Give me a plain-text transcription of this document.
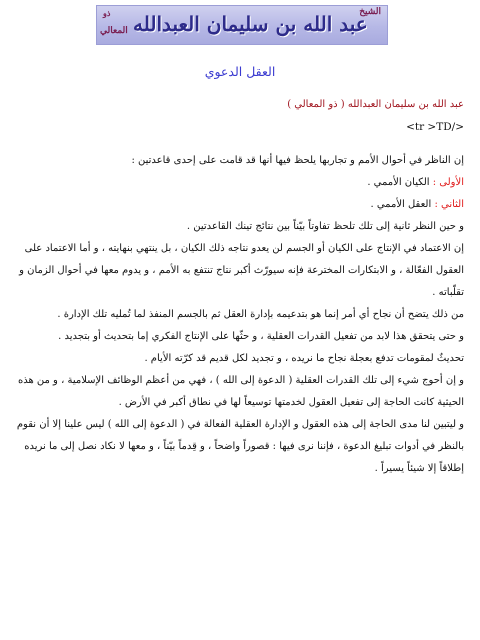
الشيخ
ذو
المعالي عبد الله بن سليمان العبدالله
العقل الدعوي

عبد الله بن سليمان العبدالله ( ذو المعالي )

<tr >TD/>

إن الناظر في أحوال الأمم و تجاربها يلحظ فيها أنها قد قامت على إحدى قاعدتين :

الأولى : الكيان الأممي .

الثاني : العقل الأممي .

و حين النظر ثانية إلى تلك تلحظ تفاوتاً بيّناً بين نتائج تينك القاعدتين .

إن الاعتماد في الإنتاج على الكيان أو الجسم لن يعدو نتاجه ذلك الكيان ، بل ينتهي بنهايته ، و أما الاعتماد على العقول الفعّالة ، و الابتكارات المخترعة فإنه سيورّث أكبر نتاج تنتفع به الأمم ، و يدوم معها في أحوال الزمان و تقلّباته .

من ذلك يتضح أن نجاح أي أمر إنما هو بتدعيمه بإدارة العقل ثم بالجسم المنفذ لما تُمليه تلك الإدارة .

و حتى يتحقق هذا لابد من تفعيل القدرات العقلية ، و حثّها على الإنتاج الفكري إما بتحديث أو بتجديد .

تحديثٌ لمقومات تدفع بعجلة نجاح ما نريده ، و تجديد لكل قديم قد كرّته الأيام .

و إن أحوج شيء إلى تلك القدرات العقلية ( الدعوة إلى الله ) ، فهي من أعظم الوظائف الإسلامية ، و من هذه الحيثية كانت الحاجة إلى تفعيل العقول لخدمتها توسيعاً لها في نطاق أكبر في الأرض .

و ليتبين لنا مدى الحاجة إلى هذه العقول و الإدارة العقلية الفعالة في ( الدعوة إلى الله ) ليس علينا إلا أن نقوم بالنظر في أدوات تبليغ الدعوة ، فإننا نرى فيها : قصوراً واضحاً ، و قِدماً بيّناً ، و معها لا نكاد نصل إلى ما نريده إطلاقاً إلا شيئاً يسيراً .
